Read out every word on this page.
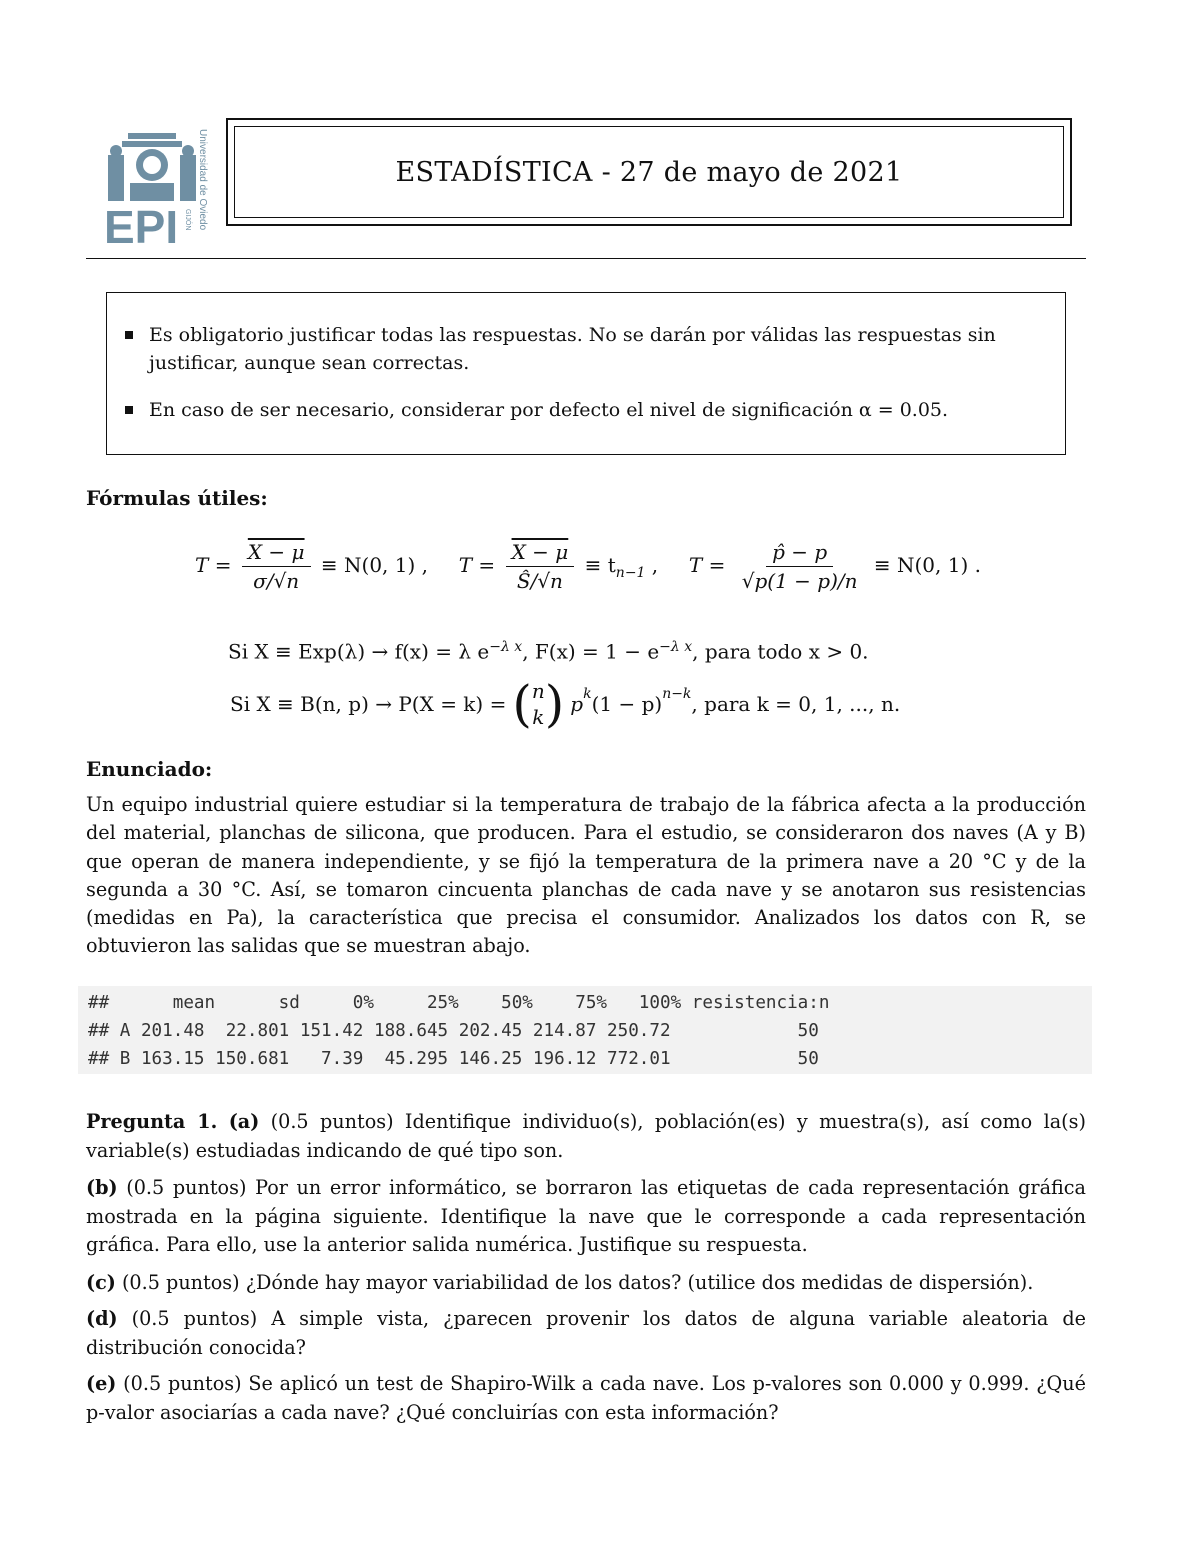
EPI Universidad de Oviedo
GIJÓN
ESTADÍSTICA - 27 de mayo de 2021
Es obligatorio justificar todas las respuestas. No se darán por válidas las respuestas sin
justificar, aunque sean correctas.
En caso de ser necesario, considerar por defecto el nivel de significación α = 0.05.
Fórmulas útiles:
$T = \frac{X - \mu}{\sigma/√n} \equiv N(0$, 1) , $T = \frac{X - \mu}{Ŝ/√n} \equiv t_{n-1}$ , $T = \frac{p̂ - p}{√p(1 - p)/n} \equiv N(0$, 1) .
Si X ≡ Exp(λ) → f(x) = λ $e^{-\lambda x}$, $F(x) = 1 - e^{-\lambda x}$, para todo x > 0.
Si X ≡ B(n, p) → P(X = k) = ( n
k ) $p^k$ $(1 - p)^{n-k}$ , para k = 0, 1, ..., n.
Enunciado:
Un equipo industrial quiere estudiar si la temperatura de trabajo de la fábrica afecta a la producción del material, planchas de silicona, que producen. Para el estudio, se consideraron dos naves (A y B) que operan de manera independiente, y se fijó la temperatura de la primera nave a 20 °C y de la segunda a 30 °C. Así, se tomaron cincuenta planchas de cada nave y se anotaron sus resistencias (medidas en Pa), la característica que precisa el consumidor. Analizados los datos con R, se obtuvieron las salidas que se muestran abajo.
##      mean      sd     0%     25%    50%    75%   100% resistencia:n
## A 201.48  22.801 151.42 188.645 202.45 214.87 250.72            50
## B 163.15 150.681   7.39  45.295 146.25 196.12 772.01            50
Pregunta 1. (a) (0.5 puntos) Identifique individuo(s), población(es) y muestra(s), así como la(s) variable(s) estudiadas indicando de qué tipo son.
(b) (0.5 puntos) Por un error informático, se borraron las etiquetas de cada representación gráfica mostrada en la página siguiente. Identifique la nave que le corresponde a cada representación gráfica. Para ello, use la anterior salida numérica. Justifique su respuesta.
(c) (0.5 puntos) ¿Dónde hay mayor variabilidad de los datos? (utilice dos medidas de dispersión).
(d) (0.5 puntos) A simple vista, ¿parecen provenir los datos de alguna variable aleatoria de distribución conocida?
(e) (0.5 puntos) Se aplicó un test de Shapiro-Wilk a cada nave. Los p-valores son 0.000 y 0.999. ¿Qué p-valor asociarías a cada nave? ¿Qué concluirías con esta información?
